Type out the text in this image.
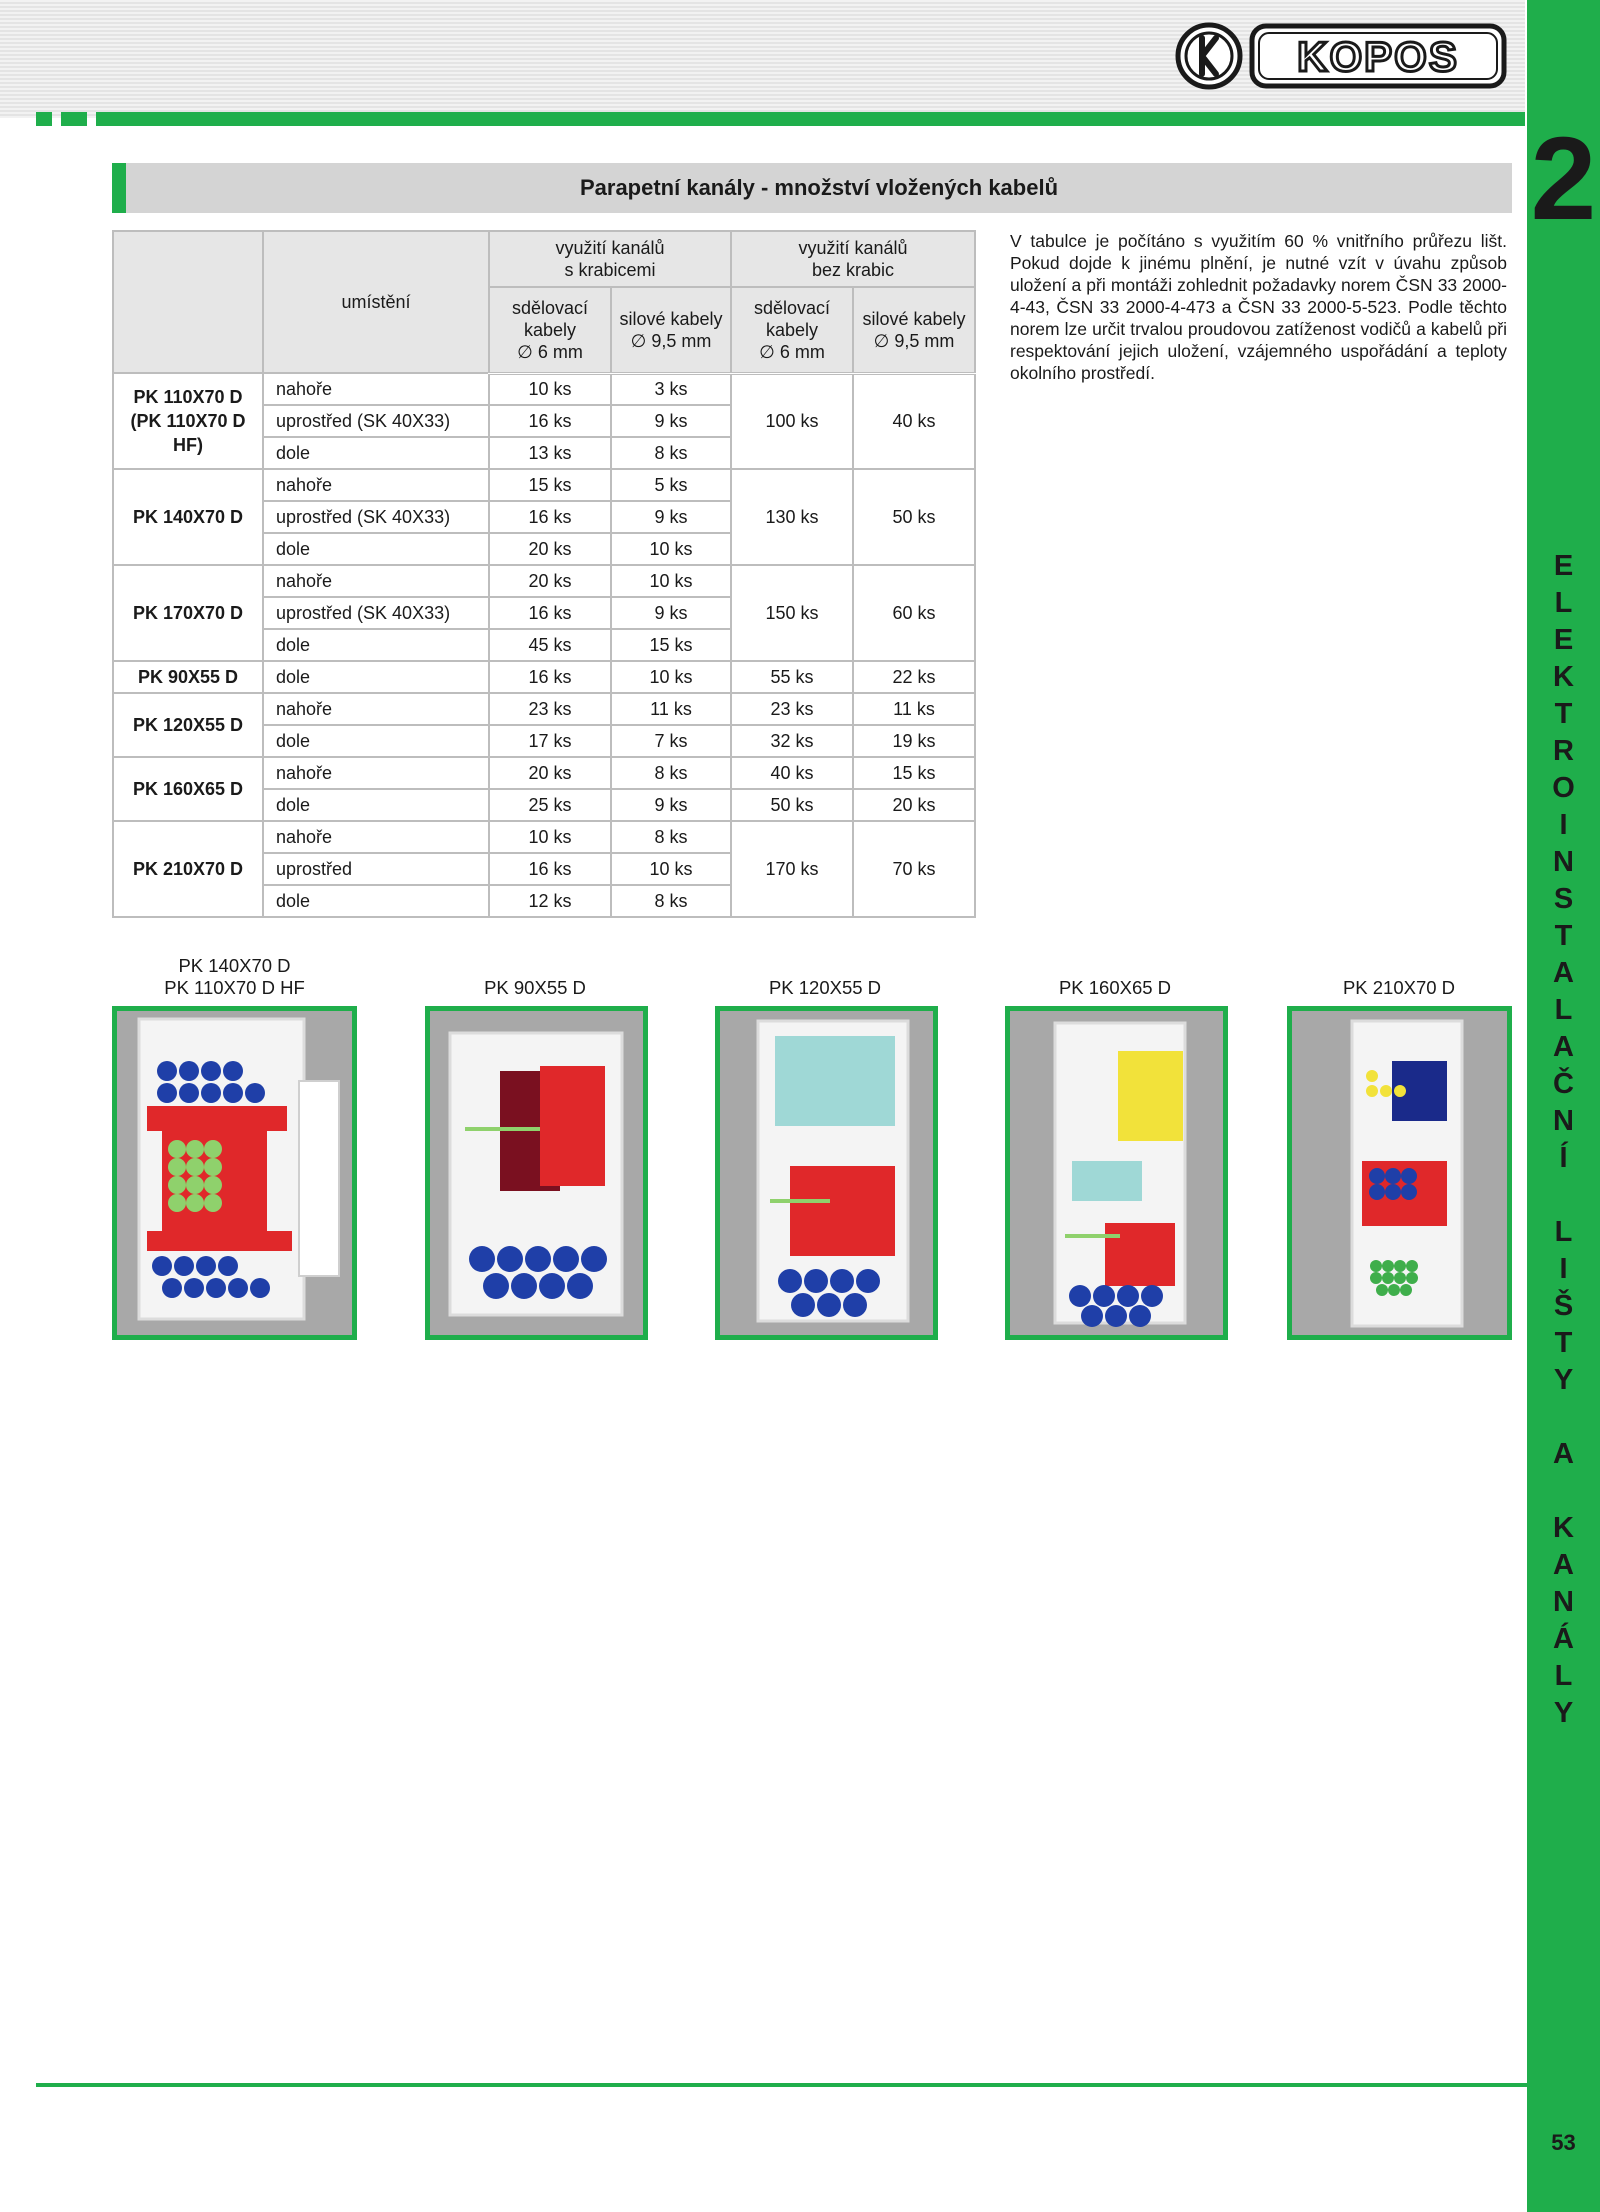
KOPOS
2
E
L
E
K
T
R
O
I
N
S
T
A
L
A
Č
N
Í
L
I
Š
T
Y
A
K
A
N
Á
L
Y
53
Parapetní kanály - množství vložených kabelů
	umístění	využití kanálů
s krabicemi		využití kanálů
bez krabic	
		sdělovací
kabely
∅ 6 mm	silové kabely
∅ 9,5 mm	sdělovací
kabely
∅ 6 mm	silové kabely
∅ 9,5 mm
PK 110X70 D
(PK 110X70 D HF)	nahoře	10 ks	3 ks	100 ks	40 ks
	uprostřed (SK 40X33)	16 ks	9 ks		
	dole	13 ks	8 ks		
PK 140X70 D	nahoře	15 ks	5 ks	130 ks	50 ks
	uprostřed (SK 40X33)	16 ks	9 ks		
	dole	20 ks	10 ks		
PK 170X70 D	nahoře	20 ks	10 ks	150 ks	60 ks
	uprostřed (SK 40X33)	16 ks	9 ks		
	dole	45 ks	15 ks		
PK 90X55 D	dole	16 ks	10 ks	55 ks	22 ks
PK 120X55 D	nahoře	23 ks	11 ks	23 ks	11 ks
	dole	17 ks	7 ks	32 ks	19 ks
PK 160X65 D	nahoře	20 ks	8 ks	40 ks	15 ks
	dole	25 ks	9 ks	50 ks	20 ks
PK 210X70 D	nahoře	10 ks	8 ks	170 ks	70 ks
	uprostřed	16 ks	10 ks		
	dole	12 ks	8 ks		

V tabulce je počítáno s využitím 60 % vnitřního průřezu lišt. Pokud dojde k jinému plnění, je nutné vzít v úvahu způsob uložení a při montáži zohlednit požadavky norem ČSN 33 2000-4-43, ČSN 33 2000-4-473 a ČSN 33 2000-5-523. Podle těchto norem lze určit trvalou proudovou zatíženost vodičů a kabelů při respektování jejich uložení, vzájemného uspořádání a teploty okolního prostředí.

PK 140X70 D
PK 110X70 D HF	PK 90X55 D	PK 120X55 D	PK 160X65 D	PK 210X70 D
